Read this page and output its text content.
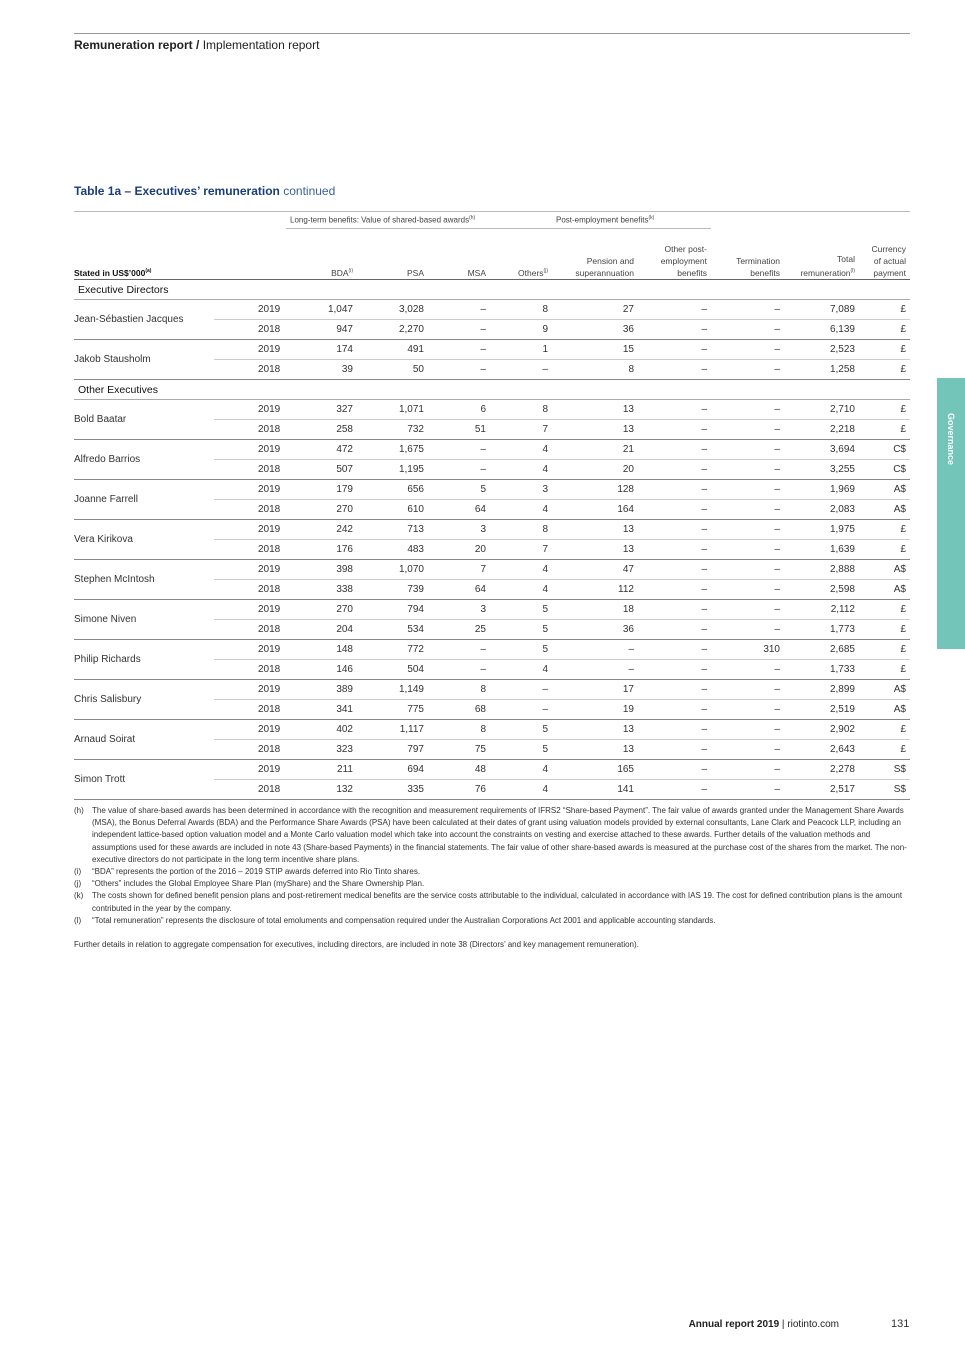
Remuneration report / Implementation report
Governance
Table 1a – Executives’ remuneration continued
		Long-term benefits: Value of shared-based awards$^{(h)}$				Post-employment benefits$^{(k)}$			
Stated in US$’000$^{(a)}$		BDA$^{(i)}$	PSA	MSA	Others$^{(j)}$	Pension and superannuation	Other post-employment benefits	Termination benefits	Total remuneration$^{(l)}$	Currency of actual payment
Executive Directors										
Jean-Sébastien Jacques	2019	1,047	3,028	–	8	27	–	–	7,089	£
	2018	947	2,270	–	9	36	–	–	6,139	£
Jakob Stausholm	2019	174	491	–	1	15	–	–	2,523	£
	2018	39	50	–	–	8	–	–	1,258	£
Other Executives										
Bold Baatar	2019	327	1,071	6	8	13	–	–	2,710	£
	2018	258	732	51	7	13	–	–	2,218	£
Alfredo Barrios	2019	472	1,675	–	4	21	–	–	3,694	C$
	2018	507	1,195	–	4	20	–	–	3,255	C$
Joanne Farrell	2019	179	656	5	3	128	–	–	1,969	A$
	2018	270	610	64	4	164	–	–	2,083	A$
Vera Kirikova	2019	242	713	3	8	13	–	–	1,975	£
	2018	176	483	20	7	13	–	–	1,639	£
Stephen McIntosh	2019	398	1,070	7	4	47	–	–	2,888	A$
	2018	338	739	64	4	112	–	–	2,598	A$
Simone Niven	2019	270	794	3	5	18	–	–	2,112	£
	2018	204	534	25	5	36	–	–	1,773	£
Philip Richards	2019	148	772	–	5	–	–	310	2,685	£
	2018	146	504	–	4	–	–	–	1,733	£
Chris Salisbury	2019	389	1,149	8	–	17	–	–	2,899	A$
	2018	341	775	68	–	19	–	–	2,519	A$
Arnaud Soirat	2019	402	1,117	8	5	13	–	–	2,902	£
	2018	323	797	75	5	13	–	–	2,643	£
Simon Trott	2019	211	694	48	4	165	–	–	2,278	S$
	2018	132	335	76	4	141	–	–	2,517	S$
(h)	The value of share-based awards has been determined in accordance with the recognition and measurement requirements of IFRS2 “Share-based Payment”. The fair value of awards granted under the Management Share Awards (MSA), the Bonus Deferral Awards (BDA) and the Performance Share Awards (PSA) have been calculated at their dates of grant using valuation models provided by external consultants, Lane Clark and Peacock LLP, including an independent lattice-based option valuation model and a Monte Carlo valuation model which take into account the constraints on vesting and exercise attached to these awards. Further details of the valuation methods and assumptions used for these awards are included in note 43 (Share-based Payments) in the financial statements. The fair value of other share-based awards is measured at the purchase cost of the shares from the market. The non-executive directors do not participate in the long term incentive share plans.
(i)	“BDA” represents the portion of the 2016 – 2019 STIP awards deferred into Rio Tinto shares.
(j)	“Others” includes the Global Employee Share Plan (myShare) and the Share Ownership Plan.
(k)	The costs shown for defined benefit pension plans and post-retirement medical benefits are the service costs attributable to the individual, calculated in accordance with IAS 19. The cost for defined contribution plans is the amount contributed in the year by the company.
(l)	“Total remuneration” represents the disclosure of total emoluments and compensation required under the Australian Corporations Act 2001 and applicable accounting standards.
Further details in relation to aggregate compensation for executives, including directors, are included in note 38 (Directors’ and key management remuneration).
Annual report 2019 | riotinto.com	131
